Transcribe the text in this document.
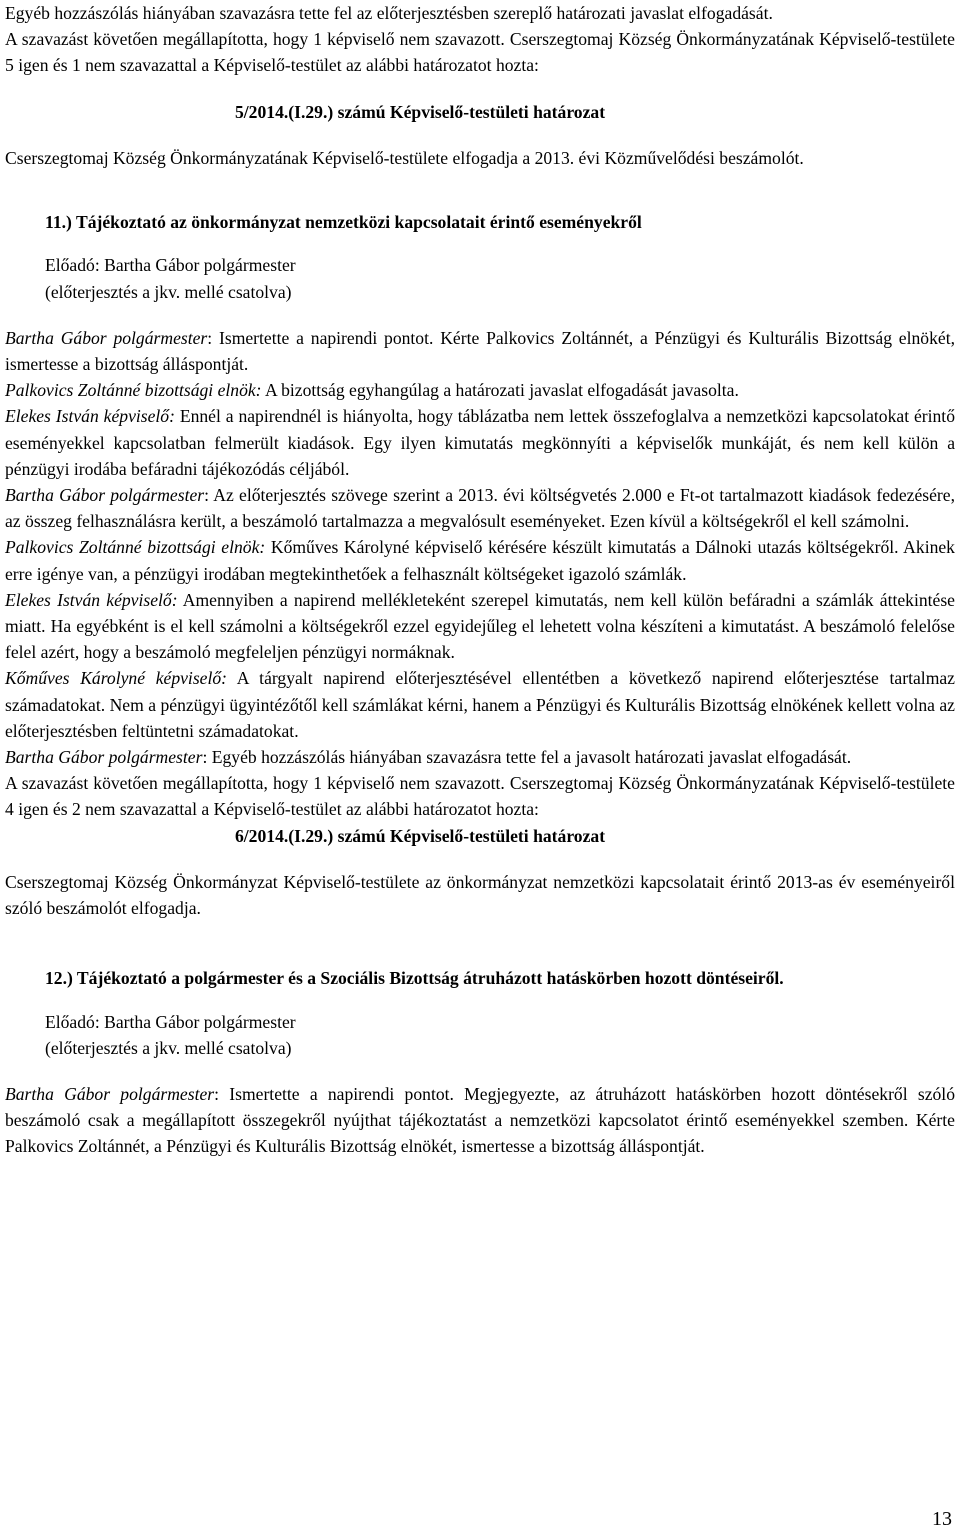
Egyéb hozzászólás hiányában szavazásra tette fel az előterjesztésben szereplő határozati javaslat elfogadását.

A szavazást követően megállapította, hogy 1 képviselő nem szavazott. Cserszegtomaj Község Önkormányzatának Képviselő-testülete 5 igen és 1 nem szavazattal a Képviselő-testület az alábbi határozatot hozta:

5/2014.(I.29.) számú Képviselő-testületi határozat

Cserszegtomaj Község Önkormányzatának Képviselő-testülete elfogadja a 2013. évi Közművelődési beszámolót.

11.) Tájékoztató az önkormányzat nemzetközi kapcsolatait érintő eseményekről

Előadó: Bartha Gábor polgármester

(előterjesztés a jkv. mellé csatolva)

Bartha Gábor polgármester: Ismertette a napirendi pontot. Kérte Palkovics Zoltánnét, a Pénzügyi és Kulturális Bizottság elnökét, ismertesse a bizottság álláspontját.

Palkovics Zoltánné bizottsági elnök: A bizottság egyhangúlag a határozati javaslat elfogadását javasolta.

Elekes István képviselő: Ennél a napirendnél is hiányolta, hogy táblázatba nem lettek összefoglalva a nemzetközi kapcsolatokat érintő eseményekkel kapcsolatban felmerült kiadások. Egy ilyen kimutatás megkönnyíti a képviselők munkáját, és nem kell külön a pénzügyi irodába befáradni tájékozódás céljából.

Bartha Gábor polgármester: Az előterjesztés szövege szerint a 2013. évi költségvetés 2.000 e Ft-ot tartalmazott kiadások fedezésére, az összeg felhasználásra került, a beszámoló tartalmazza a megvalósult eseményeket. Ezen kívül a költségekről el kell számolni.

Palkovics Zoltánné bizottsági elnök: Kőműves Károlyné képviselő kérésére készült kimutatás a Dálnoki utazás költségekről. Akinek erre igénye van, a pénzügyi irodában megtekinthetőek a felhasznált költségeket igazoló számlák.

Elekes István képviselő: Amennyiben a napirend mellékleteként szerepel kimutatás, nem kell külön befáradni a számlák áttekintése miatt. Ha egyébként is el kell számolni a költségekről ezzel egyidejűleg el lehetett volna készíteni a kimutatást. A beszámoló felelőse felel azért, hogy a beszámoló megfeleljen pénzügyi normáknak.

Kőműves Károlyné képviselő: A tárgyalt napirend előterjesztésével ellentétben a következő napirend előterjesztése tartalmaz számadatokat. Nem a pénzügyi ügyintézőtől kell számlákat kérni, hanem a Pénzügyi és Kulturális Bizottság elnökének kellett volna az előterjesztésben feltüntetni számadatokat.

Bartha Gábor polgármester: Egyéb hozzászólás hiányában szavazásra tette fel a javasolt határozati javaslat elfogadását.

A szavazást követően megállapította, hogy 1 képviselő nem szavazott. Cserszegtomaj Község Önkormányzatának Képviselő-testülete 4 igen és 2 nem szavazattal a Képviselő-testület az alábbi határozatot hozta:

6/2014.(I.29.) számú Képviselő-testületi határozat

Cserszegtomaj Község Önkormányzat Képviselő-testülete az önkormányzat nemzetközi kapcsolatait érintő 2013-as év eseményeiről szóló beszámolót elfogadja.

12.) Tájékoztató a polgármester és a Szociális Bizottság átruházott hatáskörben hozott döntéseiről.

Előadó: Bartha Gábor polgármester

(előterjesztés a jkv. mellé csatolva)

Bartha Gábor polgármester: Ismertette a napirendi pontot. Megjegyezte, az átruházott hatáskörben hozott döntésekről szóló beszámoló csak a megállapított összegekről nyújthat tájékoztatást a nemzetközi kapcsolatot érintő eseményekkel szemben. Kérte Palkovics Zoltánnét, a Pénzügyi és Kulturális Bizottság elnökét, ismertesse a bizottság álláspontját.

13
